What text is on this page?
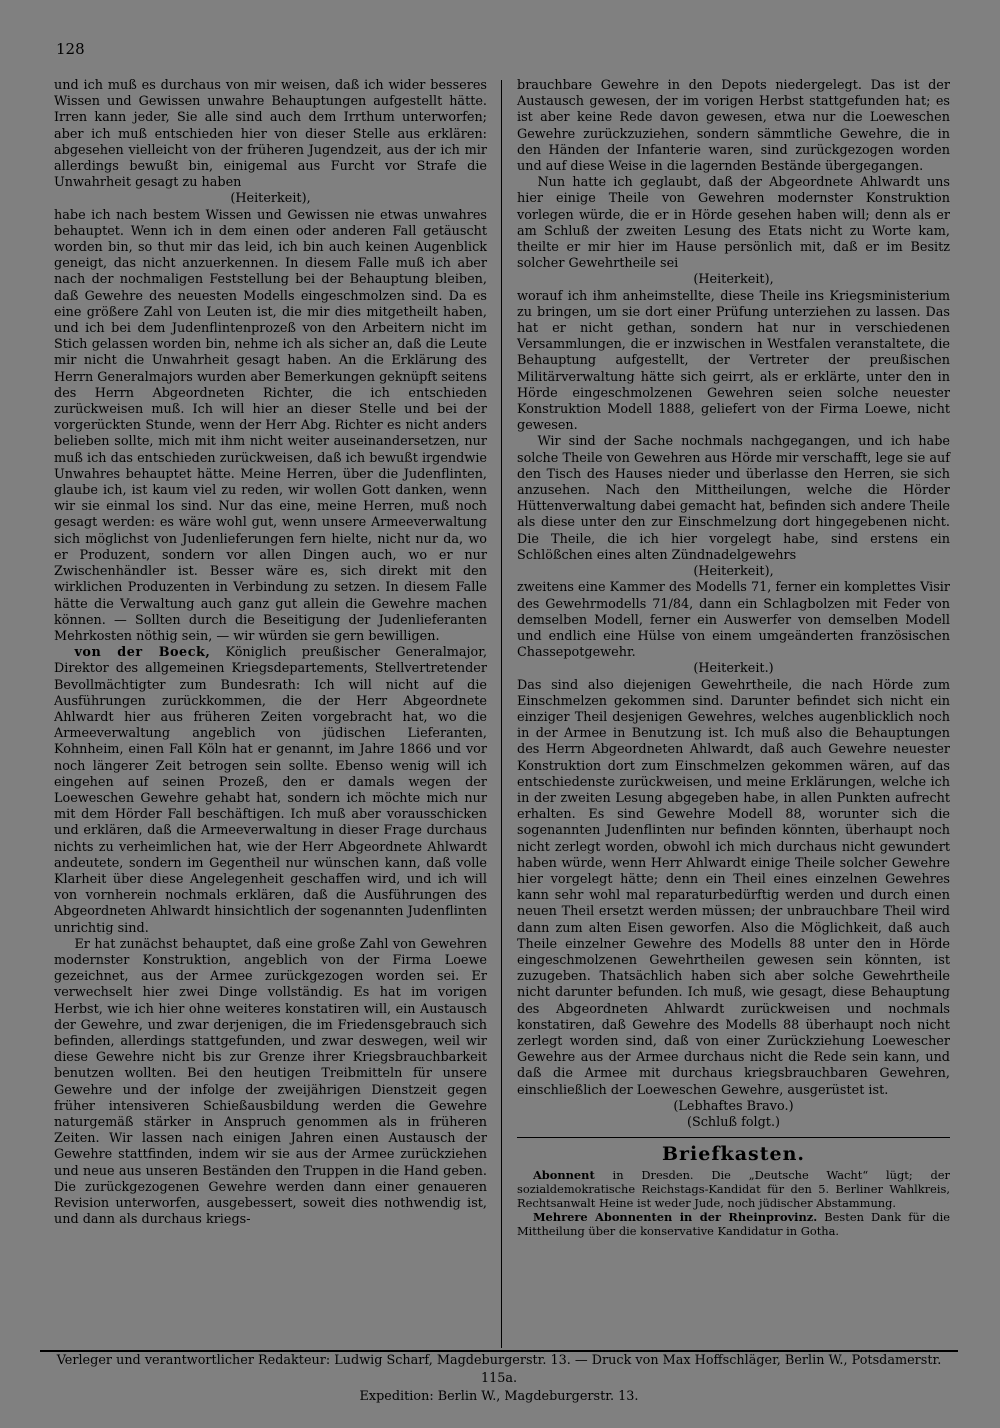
128

und ich muß es durchaus von mir weisen, daß ich wider besseres Wissen und Gewissen unwahre Behauptungen aufgestellt hätte. Irren kann jeder, Sie alle sind auch dem Irrthum unterworfen; aber ich muß entschieden hier von dieser Stelle aus erklären: abgesehen vielleicht von der früheren Jugendzeit, aus der ich mir allerdings bewußt bin, einigemal aus Furcht vor Strafe die Unwahrheit gesagt zu haben

(Heiterkeit),

habe ich nach bestem Wissen und Gewissen nie etwas unwahres behauptet. Wenn ich in dem einen oder anderen Fall getäuscht worden bin, so thut mir das leid, ich bin auch keinen Augenblick geneigt, das nicht anzuerkennen. In diesem Falle muß ich aber nach der nochmaligen Feststellung bei der Behauptung bleiben, daß Gewehre des neuesten Modells eingeschmolzen sind. Da es eine größere Zahl von Leuten ist, die mir dies mitgetheilt haben, und ich bei dem Judenflintenprozeß von den Arbeitern nicht im Stich gelassen worden bin, nehme ich als sicher an, daß die Leute mir nicht die Unwahrheit gesagt haben. An die Erklärung des Herrn Generalmajors wurden aber Bemerkungen geknüpft seitens des Herrn Abgeordneten Richter, die ich entschieden zurückweisen muß. Ich will hier an dieser Stelle und bei der vorgerückten Stunde, wenn der Herr Abg. Richter es nicht anders belieben sollte, mich mit ihm nicht weiter auseinandersetzen, nur muß ich das entschieden zurückweisen, daß ich bewußt irgendwie Unwahres behauptet hätte. Meine Herren, über die Judenflinten, glaube ich, ist kaum viel zu reden, wir wollen Gott danken, wenn wir sie einmal los sind. Nur das eine, meine Herren, muß noch gesagt werden: es wäre wohl gut, wenn unsere Armeeverwaltung sich möglichst von Judenlieferungen fern hielte, nicht nur da, wo er Produzent, sondern vor allen Dingen auch, wo er nur Zwischenhändler ist. Besser wäre es, sich direkt mit den wirklichen Produzenten in Verbindung zu setzen. In diesem Falle hätte die Verwaltung auch ganz gut allein die Gewehre machen können. — Sollten durch die Beseitigung der Judenlieferanten Mehrkosten nöthig sein, — wir würden sie gern bewilligen.

von der Boeck, Königlich preußischer Generalmajor, Direktor des allgemeinen Kriegsdepartements, Stellvertretender Bevollmächtigter zum Bundesrath: Ich will nicht auf die Ausführungen zurückkommen, die der Herr Abgeordnete Ahlwardt hier aus früheren Zeiten vorgebracht hat, wo die Armeeverwaltung angeblich von jüdischen Lieferanten, Kohnheim, einen Fall Köln hat er genannt, im Jahre 1866 und vor noch längerer Zeit betrogen sein sollte. Ebenso wenig will ich eingehen auf seinen Prozeß, den er damals wegen der Loeweschen Gewehre gehabt hat, sondern ich möchte mich nur mit dem Hörder Fall beschäftigen. Ich muß aber vorausschicken und erklären, daß die Armeeverwaltung in dieser Frage durchaus nichts zu verheimlichen hat, wie der Herr Abgeordnete Ahlwardt andeutete, sondern im Gegentheil nur wünschen kann, daß volle Klarheit über diese Angelegenheit geschaffen wird, und ich will von vornherein nochmals erklären, daß die Ausführungen des Abgeordneten Ahlwardt hinsichtlich der sogenannten Judenflinten unrichtig sind.

Er hat zunächst behauptet, daß eine große Zahl von Gewehren modernster Konstruktion, angeblich von der Firma Loewe gezeichnet, aus der Armee zurückgezogen worden sei. Er verwechselt hier zwei Dinge vollständig. Es hat im vorigen Herbst, wie ich hier ohne weiteres konstatiren will, ein Austausch der Gewehre, und zwar derjenigen, die im Friedensgebrauch sich befinden, allerdings stattgefunden, und zwar deswegen, weil wir diese Gewehre nicht bis zur Grenze ihrer Kriegsbrauchbarkeit benutzen wollten. Bei den heutigen Treibmitteln für unsere Gewehre und der infolge der zweijährigen Dienstzeit gegen früher intensiveren Schießausbildung werden die Gewehre naturgemäß stärker in Anspruch genommen als in früheren Zeiten. Wir lassen nach einigen Jahren einen Austausch der Gewehre stattfinden, indem wir sie aus der Armee zurückziehen und neue aus unseren Beständen den Truppen in die Hand geben. Die zurückgezogenen Gewehre werden dann einer genaueren Revision unterworfen, ausgebessert, soweit dies nothwendig ist, und dann als durchaus kriegs-

brauchbare Gewehre in den Depots niedergelegt. Das ist der Austausch gewesen, der im vorigen Herbst stattgefunden hat; es ist aber keine Rede davon gewesen, etwa nur die Loeweschen Gewehre zurückzuziehen, sondern sämmtliche Gewehre, die in den Händen der Infanterie waren, sind zurückgezogen worden und auf diese Weise in die lagernden Bestände übergegangen.

Nun hatte ich geglaubt, daß der Abgeordnete Ahlwardt uns hier einige Theile von Gewehren modernster Konstruktion vorlegen würde, die er in Hörde gesehen haben will; denn als er am Schluß der zweiten Lesung des Etats nicht zu Worte kam, theilte er mir hier im Hause persönlich mit, daß er im Besitz solcher Gewehrtheile sei

(Heiterkeit),

worauf ich ihm anheimstellte, diese Theile ins Kriegsministerium zu bringen, um sie dort einer Prüfung unterziehen zu lassen. Das hat er nicht gethan, sondern hat nur in verschiedenen Versammlungen, die er inzwischen in Westfalen veranstaltete, die Behauptung aufgestellt, der Vertreter der preußischen Militärverwaltung hätte sich geirrt, als er erklärte, unter den in Hörde eingeschmolzenen Gewehren seien solche neuester Konstruktion Modell 1888, geliefert von der Firma Loewe, nicht gewesen.

Wir sind der Sache nochmals nachgegangen, und ich habe solche Theile von Gewehren aus Hörde mir verschafft, lege sie auf den Tisch des Hauses nieder und überlasse den Herren, sie sich anzusehen. Nach den Mittheilungen, welche die Hörder Hüttenverwaltung dabei gemacht hat, befinden sich andere Theile als diese unter den zur Einschmelzung dort hingegebenen nicht. Die Theile, die ich hier vorgelegt habe, sind erstens ein Schlößchen eines alten Zündnadelgewehrs

(Heiterkeit),

zweitens eine Kammer des Modells 71, ferner ein komplettes Visir des Gewehrmodells 71/84, dann ein Schlagbolzen mit Feder von demselben Modell, ferner ein Auswerfer von demselben Modell und endlich eine Hülse von einem umgeänderten französischen Chassepotgewehr.

(Heiterkeit.)

Das sind also diejenigen Gewehrtheile, die nach Hörde zum Einschmelzen gekommen sind. Darunter befindet sich nicht ein einziger Theil desjenigen Gewehres, welches augenblicklich noch in der Armee in Benutzung ist. Ich muß also die Behauptungen des Herrn Abgeordneten Ahlwardt, daß auch Gewehre neuester Konstruktion dort zum Einschmelzen gekommen wären, auf das entschiedenste zurückweisen, und meine Erklärungen, welche ich in der zweiten Lesung abgegeben habe, in allen Punkten aufrecht erhalten. Es sind Gewehre Modell 88, worunter sich die sogenannten Judenflinten nur befinden könnten, überhaupt noch nicht zerlegt worden, obwohl ich mich durchaus nicht gewundert haben würde, wenn Herr Ahlwardt einige Theile solcher Gewehre hier vorgelegt hätte; denn ein Theil eines einzelnen Gewehres kann sehr wohl mal reparaturbedürftig werden und durch einen neuen Theil ersetzt werden müssen; der unbrauchbare Theil wird dann zum alten Eisen geworfen. Also die Möglichkeit, daß auch Theile einzelner Gewehre des Modells 88 unter den in Hörde eingeschmolzenen Gewehrtheilen gewesen sein könnten, ist zuzugeben. Thatsächlich haben sich aber solche Gewehrtheile nicht darunter befunden. Ich muß, wie gesagt, diese Behauptung des Abgeordneten Ahlwardt zurückweisen und nochmals konstatiren, daß Gewehre des Modells 88 überhaupt noch nicht zerlegt worden sind, daß von einer Zurückziehung Loewescher Gewehre aus der Armee durchaus nicht die Rede sein kann, und daß die Armee mit durchaus kriegsbrauchbaren Gewehren, einschließlich der Loeweschen Gewehre, ausgerüstet ist.

(Lebhaftes Bravo.)

(Schluß folgt.)

Briefkasten.

Abonnent in Dresden. Die „Deutsche Wacht“ lügt; der sozialdemokratische Reichstags-Kandidat für den 5. Berliner Wahlkreis, Rechtsanwalt Heine ist weder Jude, noch jüdischer Abstammung.

Mehrere Abonnenten in der Rheinprovinz. Besten Dank für die Mittheilung über die konservative Kandidatur in Gotha.

Verleger und verantwortlicher Redakteur: Ludwig Scharf, Magdeburgerstr. 13. — Druck von Max Hoffschläger, Berlin W., Potsdamerstr. 115a.
Expedition: Berlin W., Magdeburgerstr. 13.
